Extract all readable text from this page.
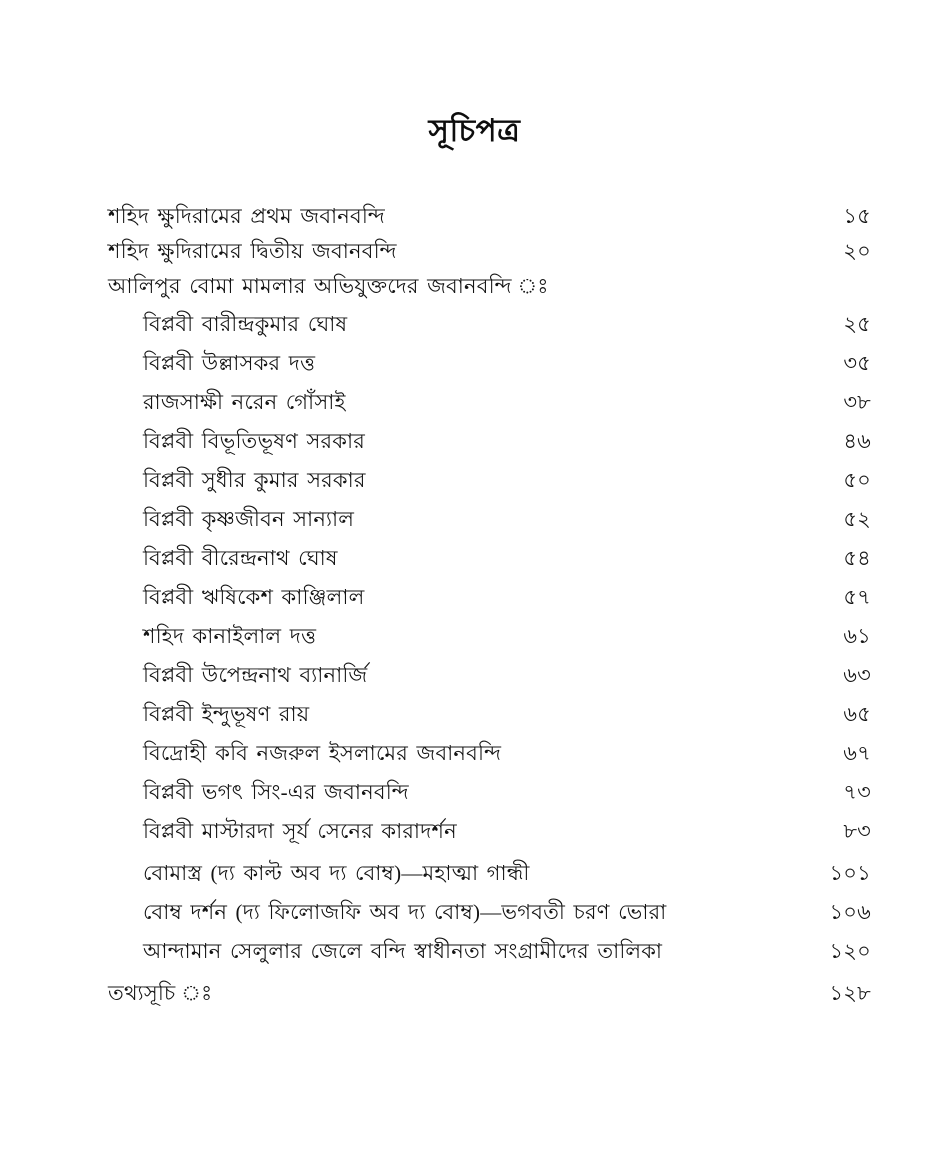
সূচিপত্র
শহিদ ক্ষুদিরামের প্রথম জবানবন্দি	১৫
শহিদ ক্ষুদিরামের দ্বিতীয় জবানবন্দি	২০
আলিপুর বোমা মামলার অভিযুক্তদের জবানবন্দি ঃ
বিপ্লবী বারীন্দ্রকুমার ঘোষ	২৫
বিপ্লবী উল্লাসকর দত্ত	৩৫
রাজসাক্ষী নরেন গোঁসাই	৩৮
বিপ্লবী বিভূতিভূষণ সরকার	৪৬
বিপ্লবী সুধীর কুমার সরকার	৫০
বিপ্লবী কৃষ্ণজীবন সান্যাল	৫২
বিপ্লবী বীরেন্দ্রনাথ ঘোষ	৫৪
বিপ্লবী ঋষিকেশ কাঞ্জিলাল	৫৭
শহিদ কানাইলাল দত্ত	৬১
বিপ্লবী উপেন্দ্রনাথ ব্যানার্জি	৬৩
বিপ্লবী ইন্দুভূষণ রায়	৬৫
বিদ্রোহী কবি নজরুল ইসলামের জবানবন্দি	৬৭
বিপ্লবী ভগৎ সিং-এর জবানবন্দি	৭৩
বিপ্লবী মাস্টারদা সূর্য সেনের কারাদর্শন	৮৩
বোমাস্ত্র (দ্য কাল্ট অব দ্য বোম্ব)—মহাত্মা গান্ধী	১০১
বোম্ব দর্শন (দ্য ফিলোজফি অব দ্য বোম্ব)—ভগবতী চরণ ভোরা	১০৬
আন্দামান সেলুলার জেলে বন্দি স্বাধীনতা সংগ্রামীদের তালিকা	১২০
তথ্যসূচি ঃ	১২৮
